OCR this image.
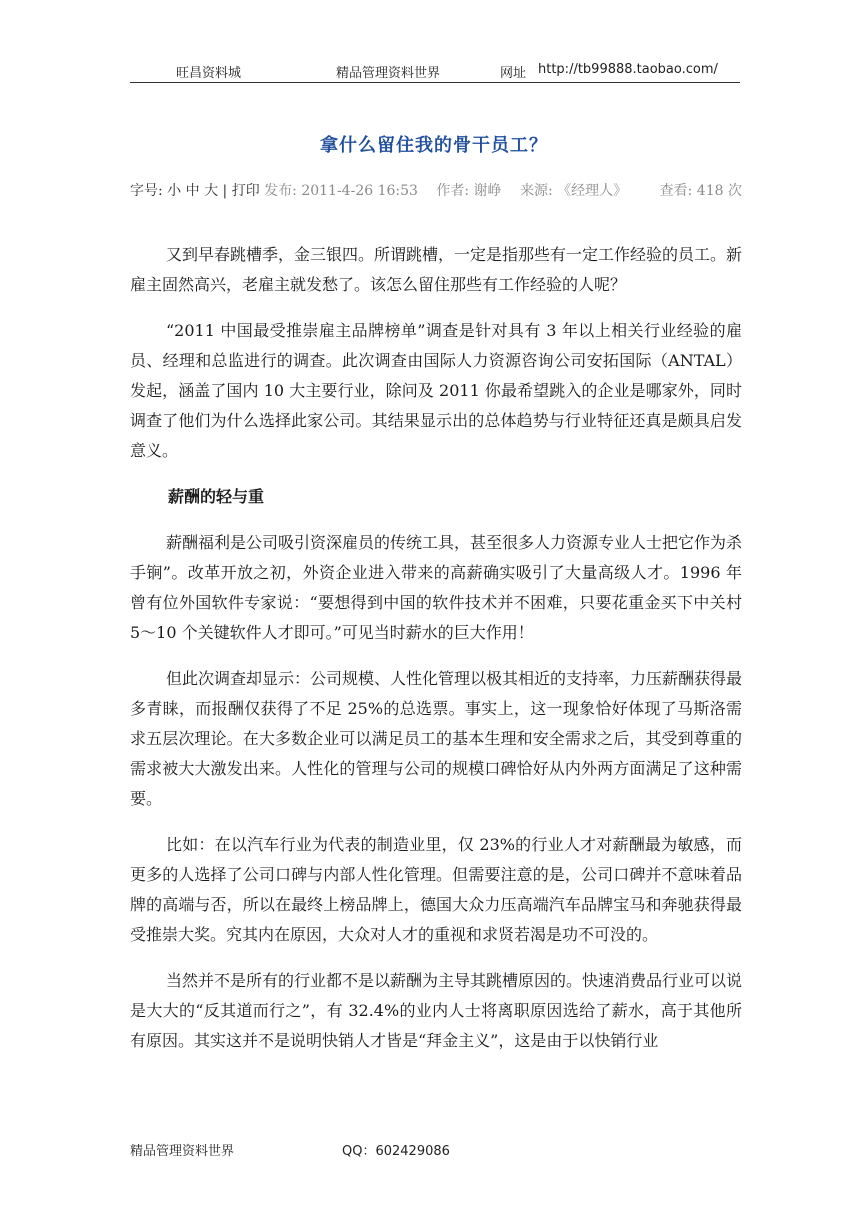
旺昌资料城	精品管理资料世界	网址 http://tb99888.taobao.com/
拿什么留住我的骨干员工？
字号: 小 中 大 | 打印 发布: 2011-4-26 16:53 作者: 谢峥 来源: 《经理人》 查看: 418 次

又到早春跳槽季，金三银四。所谓跳槽，一定是指那些有一定工作经验的员工。新雇主固然高兴，老雇主就发愁了。该怎么留住那些有工作经验的人呢？

“2011 中国最受推崇雇主品牌榜单”调查是针对具有 3 年以上相关行业经验的雇员、经理和总监进行的调查。此次调查由国际人力资源咨询公司安拓国际（ANTAL）发起，涵盖了国内 10 大主要行业，除问及 2011 你最希望跳入的企业是哪家外，同时调查了他们为什么选择此家公司。其结果显示出的总体趋势与行业特征还真是颇具启发意义。

薪酬的轻与重

薪酬福利是公司吸引资深雇员的传统工具，甚至很多人力资源专业人士把它作为杀手锏”。改革开放之初，外资企业进入带来的高薪确实吸引了大量高级人才。1996 年曾有位外国软件专家说：“要想得到中国的软件技术并不困难，只要花重金买下中关村 5～10 个关键软件人才即可。”可见当时薪水的巨大作用！

但此次调查却显示：公司规模、人性化管理以极其相近的支持率，力压薪酬获得最多青睐，而报酬仅获得了不足 25%的总选票。事实上，这一现象恰好体现了马斯洛需求五层次理论。在大多数企业可以满足员工的基本生理和安全需求之后，其受到尊重的需求被大大激发出来。人性化的管理与公司的规模口碑恰好从内外两方面满足了这种需要。

比如：在以汽车行业为代表的制造业里，仅 23%的行业人才对薪酬最为敏感，而更多的人选择了公司口碑与内部人性化管理。但需要注意的是，公司口碑并不意味着品牌的高端与否，所以在最终上榜品牌上，德国大众力压高端汽车品牌宝马和奔驰获得最受推崇大奖。究其内在原因，大众对人才的重视和求贤若渴是功不可没的。

当然并不是所有的行业都不是以薪酬为主导其跳槽原因的。快速消费品行业可以说是大大的“反其道而行之”，有 32.4%的业内人士将离职原因选给了薪水，高于其他所有原因。其实这并不是说明快销人才皆是“拜金主义”，这是由于以快销行业

精品管理资料世界	QQ：602429086
